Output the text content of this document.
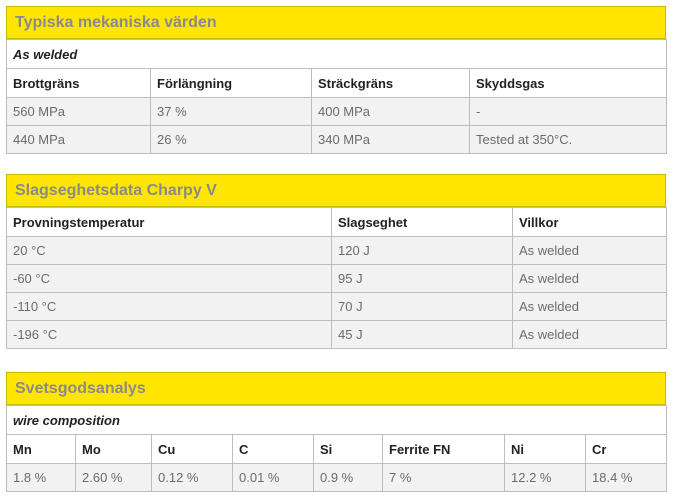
Typiska mekaniska värden
As welded			
Brottgräns	Förlängning	Sträckgräns	Skyddsgas
560 MPa	37 %	400 MPa	-
440 MPa	26 %	340 MPa	Tested at 350°C.
Slagseghetsdata Charpy V
Provningstemperatur	Slagseghet	Villkor
20 °C	120 J	As welded
-60 °C	95 J	As welded
-110 °C	70 J	As welded
-196 °C	45 J	As welded
Svetsgodsanalys
wire composition							
Mn	Mo	Cu	C	Si	Ferrite FN	Ni	Cr
1.8 %	2.60 %	0.12 %	0.01 %	0.9 %	7 %	12.2 %	18.4 %
